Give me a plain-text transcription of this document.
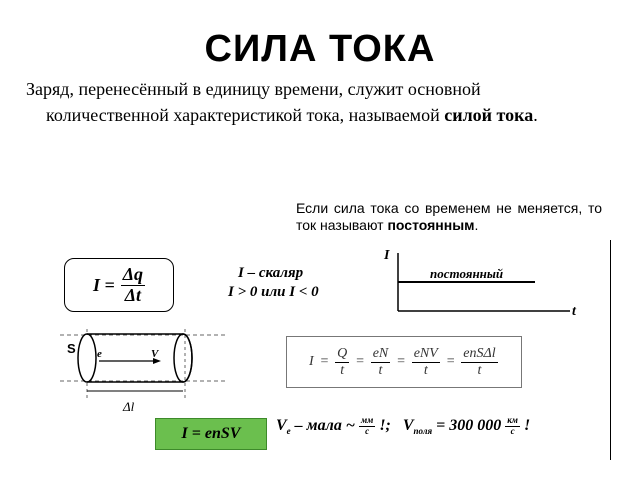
СИЛА ТОКА
Заряд, перенесённый в единицу времени, служит основной
количественной характеристикой тока, называемой силой тока.
Если сила тока со временем не меняется, то ток называют постоянным.
$I = \frac{\Delta q}{\Delta t}$	I – скаляр
I > 0 или I < 0
I
t
постоянный
S e	V
Δl
$I = \frac{Q}{t} = \frac{eN}{t} = \frac{\text{eNV}}{t} = \frac{\text{enSΔl}}{t}$
I = enSV $V_e$ – мала ~ $\frac{мм}{с}$ !; $V_{поля} = 300$ $000 \frac{км}{с}$ !
